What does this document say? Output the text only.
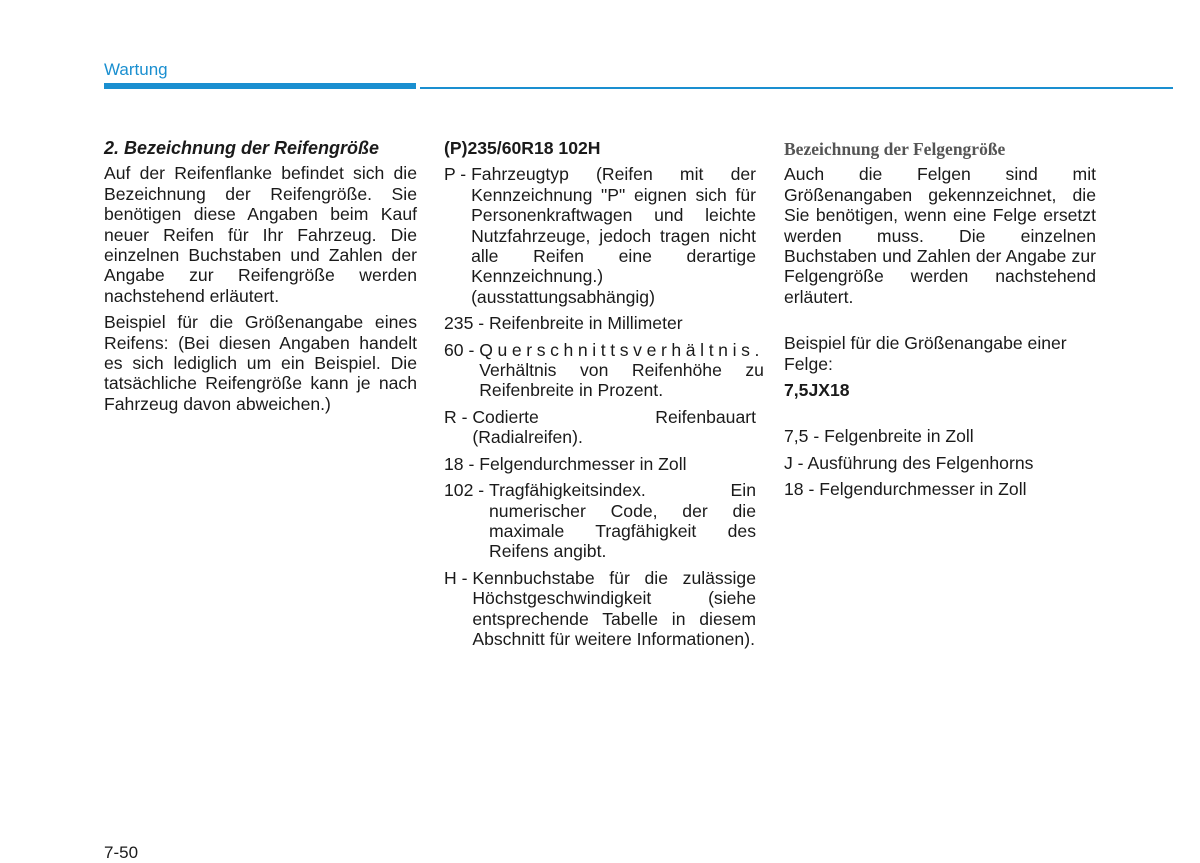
Wartung

2. Bezeichnung der Reifengröße

Auf der Reifenflanke befindet sich die Bezeichnung der Reifengröße. Sie benötigen diese Angaben beim Kauf neuer Reifen für Ihr Fahrzeug. Die einzelnen Buchstaben und Zahlen der Angabe zur Reifengröße werden nachstehend erläutert.

Beispiel für die Größenangabe eines Reifens: (Bei diesen Angaben handelt es sich lediglich um ein Beispiel. Die tatsächliche Reifengröße kann je nach Fahrzeug davon abweichen.)

(P)235/60R18 102H

P - Fahrzeugtyp (Reifen mit der Kennzeichnung "P" eignen sich für Personenkraftwagen und leichte Nutzfahrzeuge, jedoch tragen nicht alle Reifen eine derartige Kennzeichnung.) (ausstattungsabhängig)
235 - Reifenbreite in Millimeter
60 - Querschnittsverhältnis. Verhältnis von Reifenhöhe zu Reifenbreite in Prozent.
R - Codierte Reifenbauart (Radialreifen).
18 - Felgendurchmesser in Zoll
102 - Tragfähigkeitsindex. Ein numerischer Code, der die maximale Tragfähigkeit des Reifens angibt.
H - Kennbuchstabe für die zulässige Höchstgeschwindigkeit (siehe entsprechende Tabelle in diesem Abschnitt für weitere Informationen).

Bezeichnung der Felgengröße

Auch die Felgen sind mit Größenangaben gekennzeichnet, die Sie benötigen, wenn eine Felge ersetzt werden muss. Die einzelnen Buchstaben und Zahlen der Angabe zur Felgengröße werden nachstehend erläutert.

Beispiel für die Größenangabe einer Felge:

7,5JX18

7,5 - Felgenbreite in Zoll

J - Ausführung des Felgenhorns

18 - Felgendurchmesser in Zoll

7-50
